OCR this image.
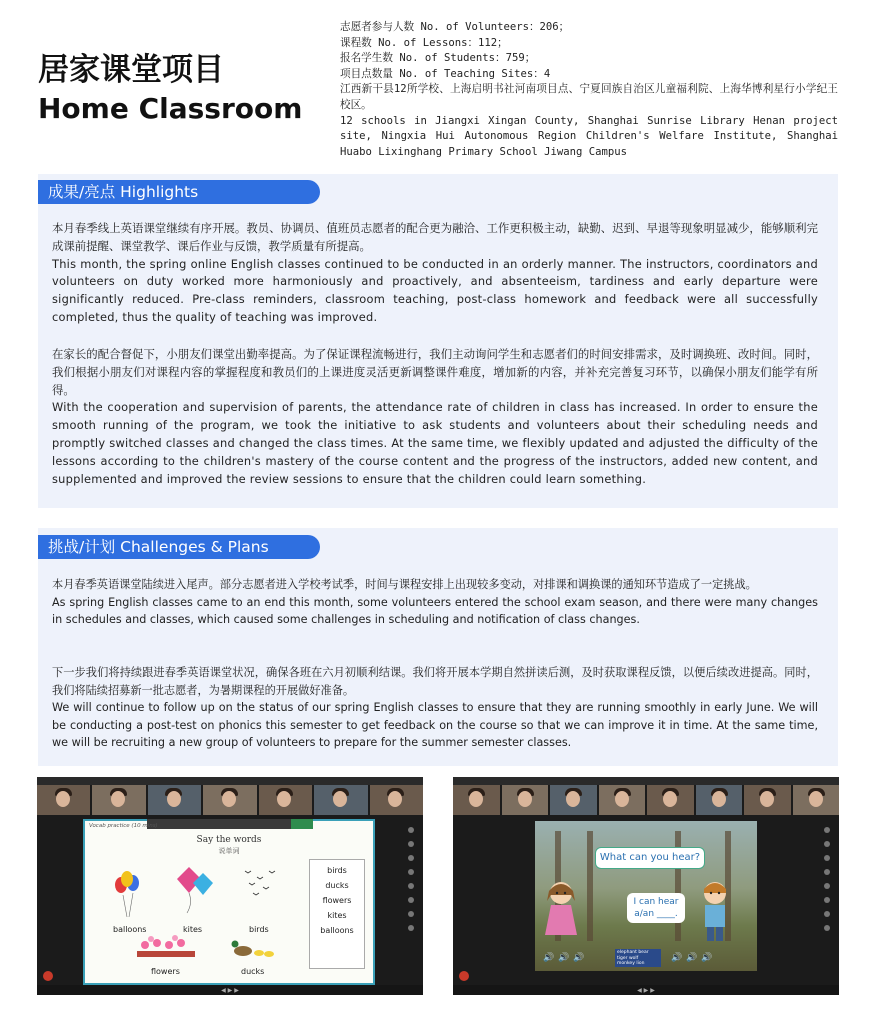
居家课堂项目
Home Classroom
志愿者参与人数 No. of Volunteers：206；
课程数 No. of Lessons：112；
报名学生数 No. of Students：759；
项目点数量 No. of Teaching Sites：4
江西新干县12所学校、上海启明书社河南项目点、宁夏回族自治区儿童福利院、上海华博利星行小学纪王校区。
12 schools in Jiangxi Xingan County, Shanghai Sunrise Library Henan project site, Ningxia Hui Autonomous Region Children's Welfare Institute, Shanghai Huabo Lixinghang Primary School Jiwang Campus
成果/亮点 Highlights
本月春季线上英语课堂继续有序开展。教员、协调员、值班员志愿者的配合更为融洽、工作更积极主动，缺勤、迟到、早退等现象明显减少，能够顺利完成课前提醒、课堂教学、课后作业与反馈，教学质量有所提高。
This month, the spring online English classes continued to be conducted in an orderly manner. The instructors, coordinators and volunteers on duty worked more harmoniously and proactively, and absenteeism, tardiness and early departure were significantly reduced. Pre-class reminders, classroom teaching, post-class homework and feedback were all successfully completed, thus the quality of teaching was improved.
在家长的配合督促下，小朋友们课堂出勤率提高。为了保证课程流畅进行，我们主动询问学生和志愿者们的时间安排需求，及时调换班、改时间。同时，我们根据小朋友们对课程内容的掌握程度和教员们的上课进度灵活更新调整课件难度，增加新的内容，并补充完善复习环节，以确保小朋友们能学有所得。
With the cooperation and supervision of parents, the attendance rate of children in class has increased. In order to ensure the smooth running of the program, we took the initiative to ask students and volunteers about their scheduling needs and promptly switched classes and changed the class times. At the same time, we flexibly updated and adjusted the difficulty of the lessons according to the children's mastery of the course content and the progress of the instructors, added new content, and supplemented and improved the review sessions to ensure that the children could learn something.
挑战/计划 Challenges & Plans
本月春季英语课堂陆续进入尾声。部分志愿者进入学校考试季，时间与课程安排上出现较多变动，对排课和调换课的通知环节造成了一定挑战。
As spring English classes came to an end this month, some volunteers entered the school exam season, and there were many changes in schedules and classes, which caused some challenges in scheduling and notification of class changes.
下一步我们将持续跟进春季英语课堂状况，确保各班在六月初顺利结课。我们将开展本学期自然拼读后测，及时获取课程反馈，以便后续改进提高。同时，我们将陆续招募新一批志愿者，为暑期课程的开展做好准备。
We will continue to follow up on the status of our spring English classes to ensure that they are running smoothly in early June. We will be conducting a post-test on phonics this semester to get feedback on the course so that we can improve it in time. At the same time, we will be recruiting a new group of volunteers to prepare for the summer semester classes.
Vocab practice (10 mins)
Say the words
说单词
balloons	kites	birds
flowers	ducks
birds
ducks
flowers
kites
balloons
◀ ▶ ▶
What can you hear?
I can hear
a/an ____.
🔊🔊🔊	🔊🔊🔊
elephant bear
tiger wolf
monkey lion
◀ ▶ ▶
